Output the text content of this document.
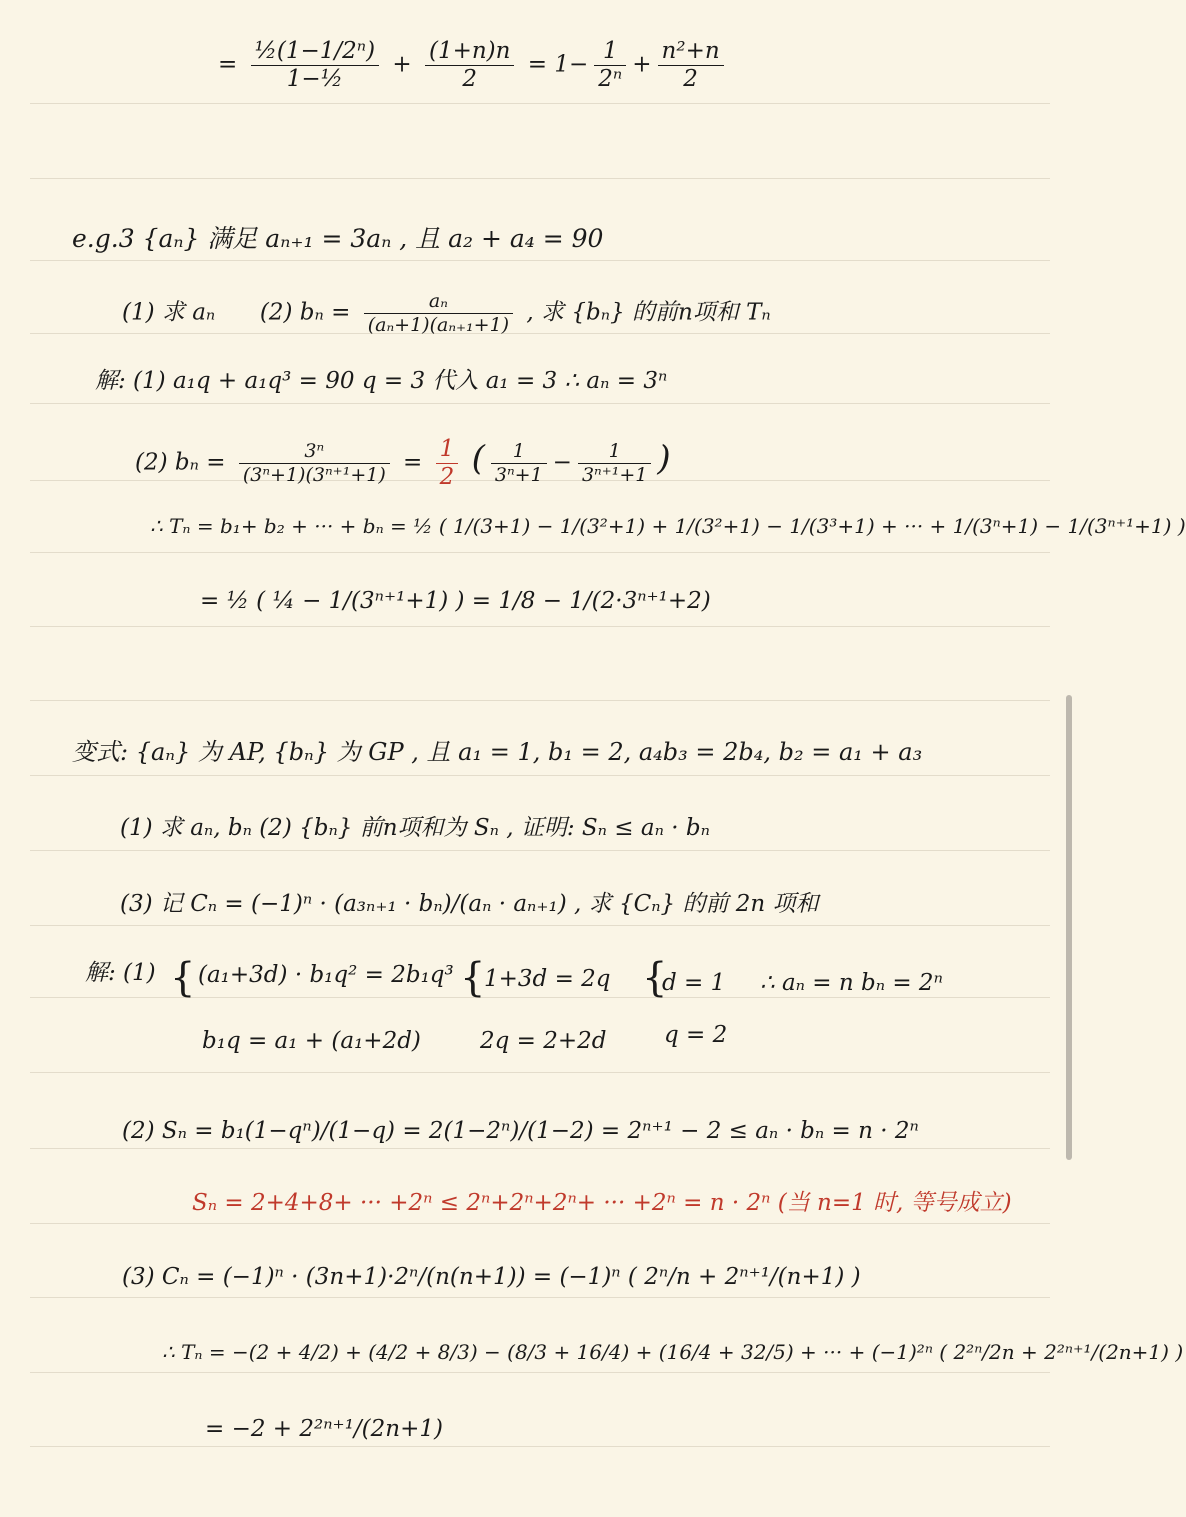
= $\frac{\text{½(1−1/2ⁿ)}}{\text{1−½}} + \frac{(1+n)n}{2} = 1- \frac{1}{\text{2ⁿ}} + \frac{\text{n²+n}}{2}$
e.g.3 {aₙ} 满足 aₙ₊₁ = 3aₙ , 且 a₂ + a₄ = 90
(1) 求 aₙ (2) $b_n = \frac{\text{aₙ}}{\text{(aₙ+1)(aₙ₊₁+1)}}$ , 求 {bₙ} 的前n项和 Tₙ
解: (1) a₁q + a₁q³ = 90 q = 3 代入 a₁ = 3 ∴ aₙ = 3ⁿ
(2) $b_n = \frac{\text{3ⁿ}}{\text{(3ⁿ+1)(3ⁿ⁺¹+1)}} = \frac{1}{2}$ ( $\frac{1}{\text{3ⁿ+1}} - \frac{1}{\text{3ⁿ⁺¹+1}}$ )
∴ Tₙ = b₁+ b₂ + ··· + bₙ = ½ ( 1/(3+1) − 1/(3²+1) + 1/(3²+1) − 1/(3³+1) + ··· + 1/(3ⁿ+1) − 1/(3ⁿ⁺¹+1) )
= ½ ( ¼ − 1/(3ⁿ⁺¹+1) ) = 1/8 − 1/(2·3ⁿ⁺¹+2)
变式: {aₙ} 为 AP, {bₙ} 为 GP , 且 a₁ = 1, b₁ = 2, a₄b₃ = 2b₄, b₂ = a₁ + a₃
(1) 求 aₙ, bₙ (2) {bₙ} 前n项和为 Sₙ , 证明: Sₙ ≤ aₙ · bₙ
(3) 记 Cₙ = (−1)ⁿ · (a₃ₙ₊₁ · bₙ)/(aₙ · aₙ₊₁) , 求 {Cₙ} 的前 2n 项和
解: (1) { (a₁+3d) · b₁q² = 2b₁q³
b₁q = a₁ + (a₁+2d)
{
1+3d = 2q
2q = 2+2d
{
d = 1
q = 2
∴ aₙ = n bₙ = 2ⁿ
(2) Sₙ = b₁(1−qⁿ)/(1−q) = 2(1−2ⁿ)/(1−2) = 2ⁿ⁺¹ − 2 ≤ aₙ · bₙ = n · 2ⁿ
Sₙ = 2+4+8+ ··· +2ⁿ ≤ 2ⁿ+2ⁿ+2ⁿ+ ··· +2ⁿ = n · 2ⁿ (当 n=1 时, 等号成立)
(3) Cₙ = (−1)ⁿ · (3n+1)·2ⁿ/(n(n+1)) = (−1)ⁿ ( 2ⁿ/n + 2ⁿ⁺¹/(n+1) )
∴ Tₙ = −(2 + 4/2) + (4/2 + 8/3) − (8/3 + 16/4) + (16/4 + 32/5) + ··· + (−1)²ⁿ ( 2²ⁿ/2n + 2²ⁿ⁺¹/(2n+1) )
= −2 + 2²ⁿ⁺¹/(2n+1)
